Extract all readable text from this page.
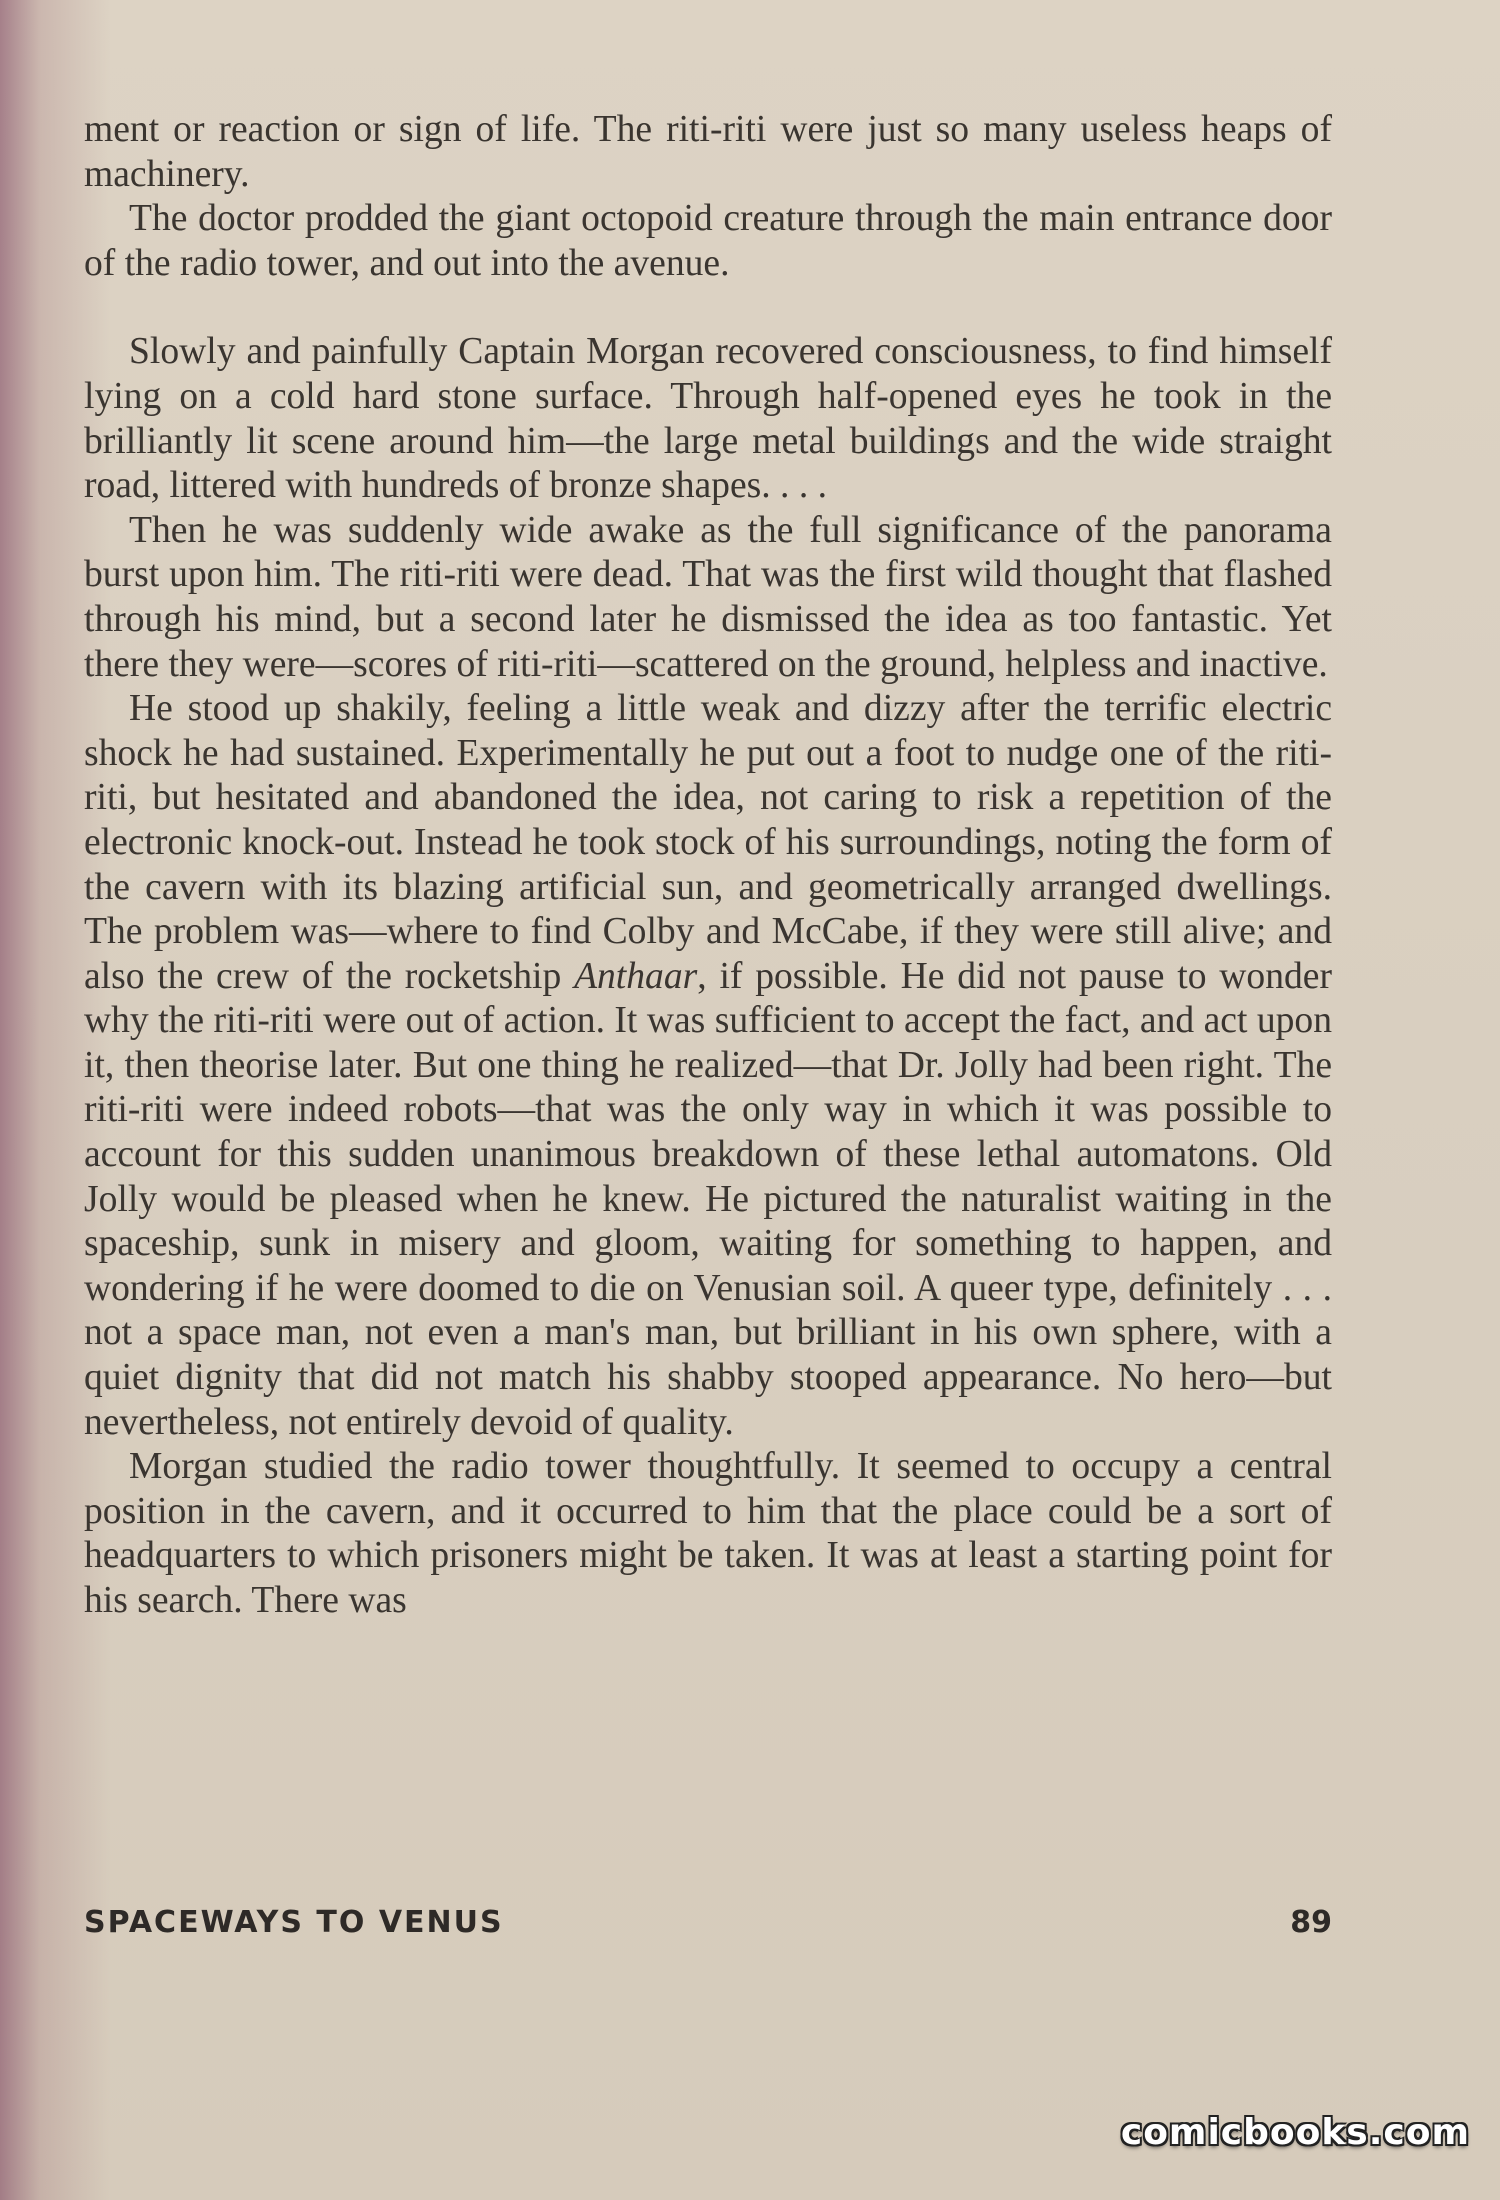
ment or reaction or sign of life. The riti-riti were just so many useless heaps of machinery.

The doctor prodded the giant octopoid creature through the main entrance door of the radio tower, and out into the avenue.

Slowly and painfully Captain Morgan recovered consciousness, to find himself lying on a cold hard stone surface. Through half-opened eyes he took in the brilliantly lit scene around him—the large metal buildings and the wide straight road, littered with hundreds of bronze shapes. . . .

Then he was suddenly wide awake as the full significance of the panorama burst upon him. The riti-riti were dead. That was the first wild thought that flashed through his mind, but a second later he dismissed the idea as too fantastic. Yet there they were—scores of riti-riti—scattered on the ground, helpless and inactive.

He stood up shakily, feeling a little weak and dizzy after the terrific electric shock he had sustained. Experimentally he put out a foot to nudge one of the riti-riti, but hesitated and abandoned the idea, not caring to risk a repetition of the electronic knock-out. Instead he took stock of his surroundings, noting the form of the cavern with its blazing artificial sun, and geometrically arranged dwellings. The problem was—where to find Colby and McCabe, if they were still alive; and also the crew of the rocketship Anthaar, if possible. He did not pause to wonder why the riti-riti were out of action. It was sufficient to accept the fact, and act upon it, then theorise later. But one thing he realized—that Dr. Jolly had been right. The riti-riti were indeed robots—that was the only way in which it was possible to account for this sudden unanimous breakdown of these lethal automatons. Old Jolly would be pleased when he knew. He pictured the naturalist waiting in the spaceship, sunk in misery and gloom, waiting for something to happen, and wondering if he were doomed to die on Venusian soil. A queer type, definitely . . . not a space man, not even a man's man, but brilliant in his own sphere, with a quiet dignity that did not match his shabby stooped appearance. No hero—but nevertheless, not entirely devoid of quality.

Morgan studied the radio tower thoughtfully. It seemed to occupy a central position in the cavern, and it occurred to him that the place could be a sort of headquarters to which prisoners might be taken. It was at least a starting point for his search. There was

SPACEWAYS TO VENUS	89
comicbooks.com
